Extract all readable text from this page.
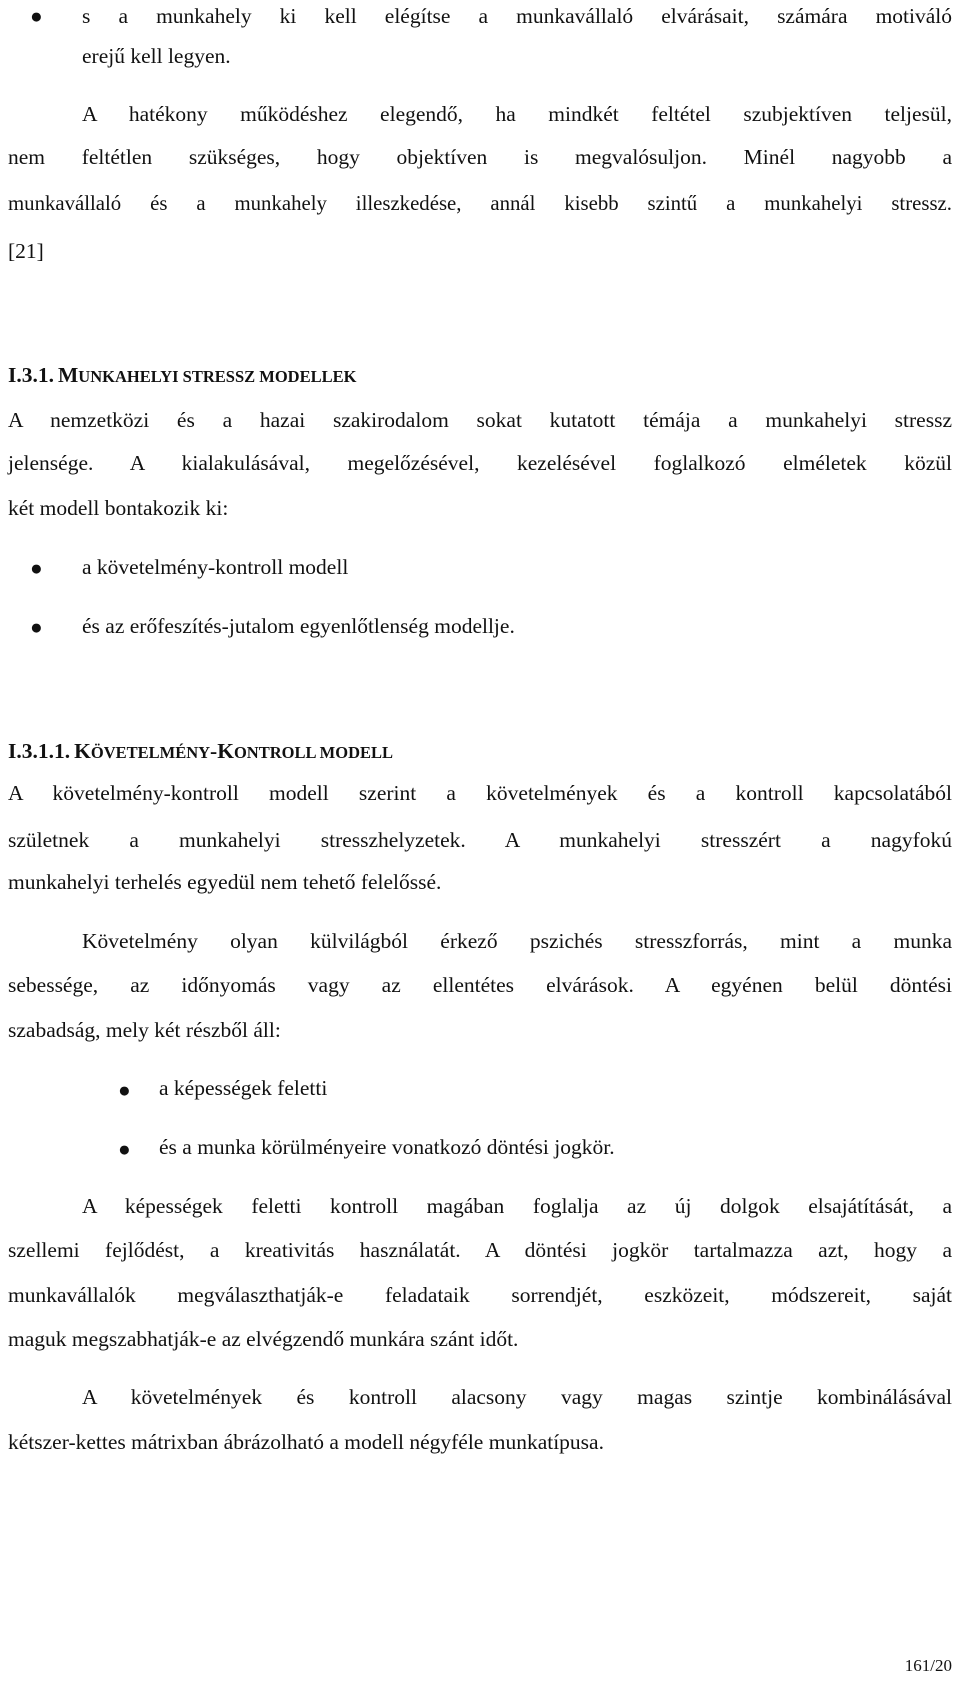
● s a munkahely ki kell elégítse a munkavállaló elvárásait, számára motiváló
erejű kell legyen.
A hatékony működéshez elegendő, ha mindkét feltétel szubjektíven teljesül,
nem feltétlen szükséges, hogy objektíven is megvalósuljon. Minél nagyobb a
munkavállaló és a munkahely illeszkedése, annál kisebb szintű a munkahelyi stressz.
[21]
I.3.1. MUNKAHELYI STRESSZ MODELLEK
A nemzetközi és a hazai szakirodalom sokat kutatott témája a munkahelyi stressz
jelensége. A kialakulásával, megelőzésével, kezelésével foglalkozó elméletek közül
két modell bontakozik ki:
● a követelmény-kontroll modell
● és az erőfeszítés-jutalom egyenlőtlenség modellje.
I.3.1.1. KÖVETELMÉNY-KONTROLL MODELL
A követelmény-kontroll modell szerint a követelmények és a kontroll kapcsolatából
születnek a munkahelyi stresszhelyzetek. A munkahelyi stresszért a nagyfokú
munkahelyi terhelés egyedül nem tehető felelőssé.
Követelmény olyan külvilágból érkező pszichés stresszforrás, mint a munka
sebessége, az időnyomás vagy az ellentétes elvárások. A egyénen belül döntési
szabadság, mely két részből áll:
● a képességek feletti
● és a munka körülményeire vonatkozó döntési jogkör.
A képességek feletti kontroll magában foglalja az új dolgok elsajátítását, a
szellemi fejlődést, a kreativitás használatát. A döntési jogkör tartalmazza azt, hogy a
munkavállalók megválaszthatják-e feladataik sorrendjét, eszközeit, módszereit, saját
maguk megszabhatják-e az elvégzendő munkára szánt időt.
A követelmények és kontroll alacsony vagy magas szintje kombinálásával
kétszer-kettes mátrixban ábrázolható a modell négyféle munkatípusa.
161/20
